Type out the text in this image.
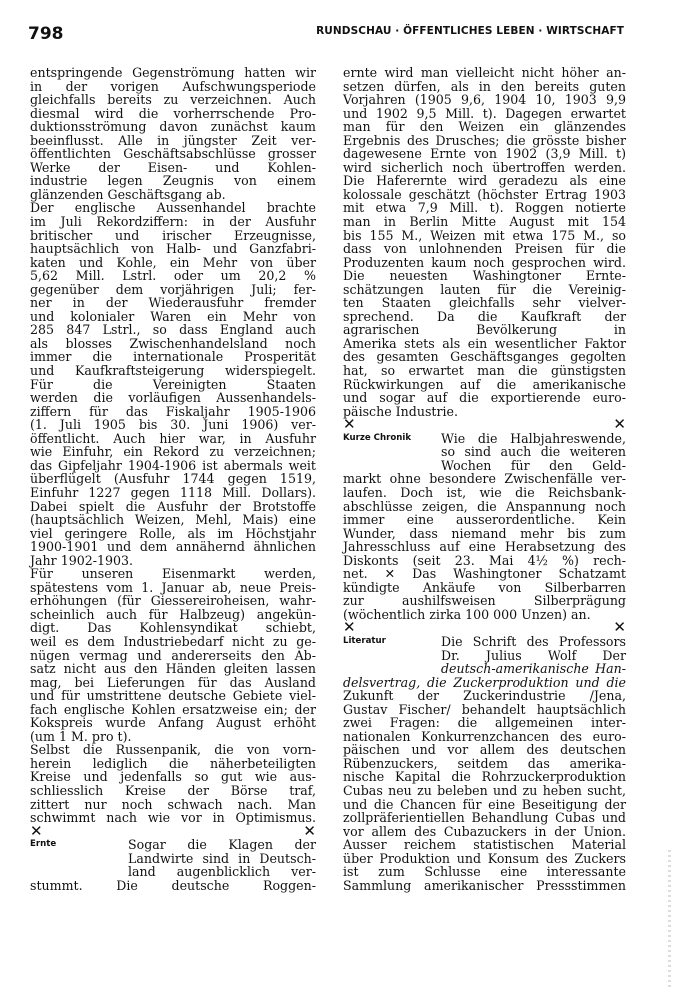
798	RUNDSCHAU · ÖFFENTLICHES LEBEN · WIRTSCHAFT
entspringende Gegenströmung hatten wir
in der vorigen Aufschwungsperiode
gleichfalls bereits zu verzeichnen. Auch
diesmal wird die vorherrschende Pro-
duktionsströmung davon zunächst kaum
beeinflusst. Alle in jüngster Zeit ver-
öffentlichten Geschäftsabschlüsse grosser
Werke der Eisen- und Kohlen-
industrie legen Zeugnis von einem
glänzenden Geschäftsgang ab.
Der englische Aussenhandel brachte
im Juli Rekordziffern: in der Ausfuhr
britischer und irischer Erzeugnisse,
hauptsächlich von Halb- und Ganzfabri-
katen und Kohle, ein Mehr von über
5,62 Mill. Lstrl. oder um 20,2 %
gegenüber dem vorjährigen Juli; fer-
ner in der Wiederausfuhr fremder
und kolonialer Waren ein Mehr von
285 847 Lstrl., so dass England auch
als blosses Zwischenhandelsland noch
immer die internationale Prosperität
und Kaufkraftsteigerung widerspiegelt.
Für die Vereinigten Staaten
werden die vorläufigen Aussenhandels-
ziffern für das Fiskaljahr 1905-1906
(1. Juli 1905 bis 30. Juni 1906) ver-
öffentlicht. Auch hier war, in Ausfuhr
wie Einfuhr, ein Rekord zu verzeichnen;
das Gipfeljahr 1904-1906 ist abermals weit
überflügelt (Ausfuhr 1744 gegen 1519,
Einfuhr 1227 gegen 1118 Mill. Dollars).
Dabei spielt die Ausfuhr der Brotstoffe
(hauptsächlich Weizen, Mehl, Mais) eine
viel geringere Rolle, als im Höchstjahr
1900-1901 und dem annähernd ähnlichen
Jahr 1902-1903.
Für unseren Eisenmarkt werden,
spätestens vom 1. Januar ab, neue Preis-
erhöhungen (für Giessereiroheisen, wahr-
scheinlich auch für Halbzeug) angekün-
digt. Das Kohlensyndikat schiebt,
weil es dem Industriebedarf nicht zu ge-
nügen vermag und andererseits den Ab-
satz nicht aus den Händen gleiten lassen
mag, bei Lieferungen für das Ausland
und für umstrittene deutsche Gebiete viel-
fach englische Kohlen ersatzweise ein; der
Kokspreis wurde Anfang August erhöht
(um 1 M. pro t).
Selbst die Russenpanik, die von vorn-
herein lediglich die näherbeteiligten
Kreise und jedenfalls so gut wie aus-
schliesslich Kreise der Börse traf,
zittert nur noch schwach nach. Man
schwimmt nach wie vor in Optimismus.
✕	✕
Ernte	Sogar die Klagen der
Landwirte sind in Deutsch-
land augenblicklich ver-
stummt. Die deutsche Roggen-
ernte wird man vielleicht nicht höher an-
setzen dürfen, als in den bereits guten
Vorjahren (1905 9,6, 1904 10, 1903 9,9
und 1902 9,5 Mill. t). Dagegen erwartet
man für den Weizen ein glänzendes
Ergebnis des Drusches; die grösste bisher
dagewesene Ernte von 1902 (3,9 Mill. t)
wird sicherlich noch übertroffen werden.
Die Haferernte wird geradezu als eine
kolossale geschätzt (höchster Ertrag 1903
mit etwa 7,9 Mill. t). Roggen notierte
man in Berlin Mitte August mit 154
bis 155 M., Weizen mit etwa 175 M., so
dass von unlohnenden Preisen für die
Produzenten kaum noch gesprochen wird.
Die neuesten Washingtoner Ernte-
schätzungen lauten für die Vereinig-
ten Staaten gleichfalls sehr vielver-
sprechend. Da die Kaufkraft der
agrarischen Bevölkerung in
Amerika stets als ein wesentlicher Faktor
des gesamten Geschäftsganges gegolten
hat, so erwartet man die günstigsten
Rückwirkungen auf die amerikanische
und sogar auf die exportierende euro-
päische Industrie.
✕	✕
Kurze Chronik Wie die Halbjahreswende,
so sind auch die weiteren
Wochen für den Geld-
markt ohne besondere Zwischenfälle ver-
laufen. Doch ist, wie die Reichsbank-
abschlüsse zeigen, die Anspannung noch
immer eine ausserordentliche. Kein
Wunder, dass niemand mehr bis zum
Jahresschluss auf eine Herabsetzung des
Diskonts (seit 23. Mai 4½ %) rech-
net. ✕ Das Washingtoner Schatzamt
kündigte Ankäufe von Silberbarren
zur aushilfsweisen Silberprägung
(wöchentlich zirka 100 000 Unzen) an.
✕	✕
Literatur	Die Schrift des Professors
Dr. Julius Wolf Der
deutsch-amerikanische Han-
delsvertrag, die Zuckerproduktion und die
Zukunft der Zuckerindustrie /Jena,
Gustav Fischer/ behandelt hauptsächlich
zwei Fragen: die allgemeinen inter-
nationalen Konkurrenzchancen des euro-
päischen und vor allem des deutschen
Rübenzuckers, seitdem das amerika-
nische Kapital die Rohrzuckerproduktion
Cubas neu zu beleben und zu heben sucht,
und die Chancen für eine Beseitigung der
zollpräferientiellen Behandlung Cubas und
vor allem des Cubazuckers in der Union.
Ausser reichem statistischen Material
über Produktion und Konsum des Zuckers
ist zum Schlusse eine interessante
Sammlung amerikanischer Pressstimmen
